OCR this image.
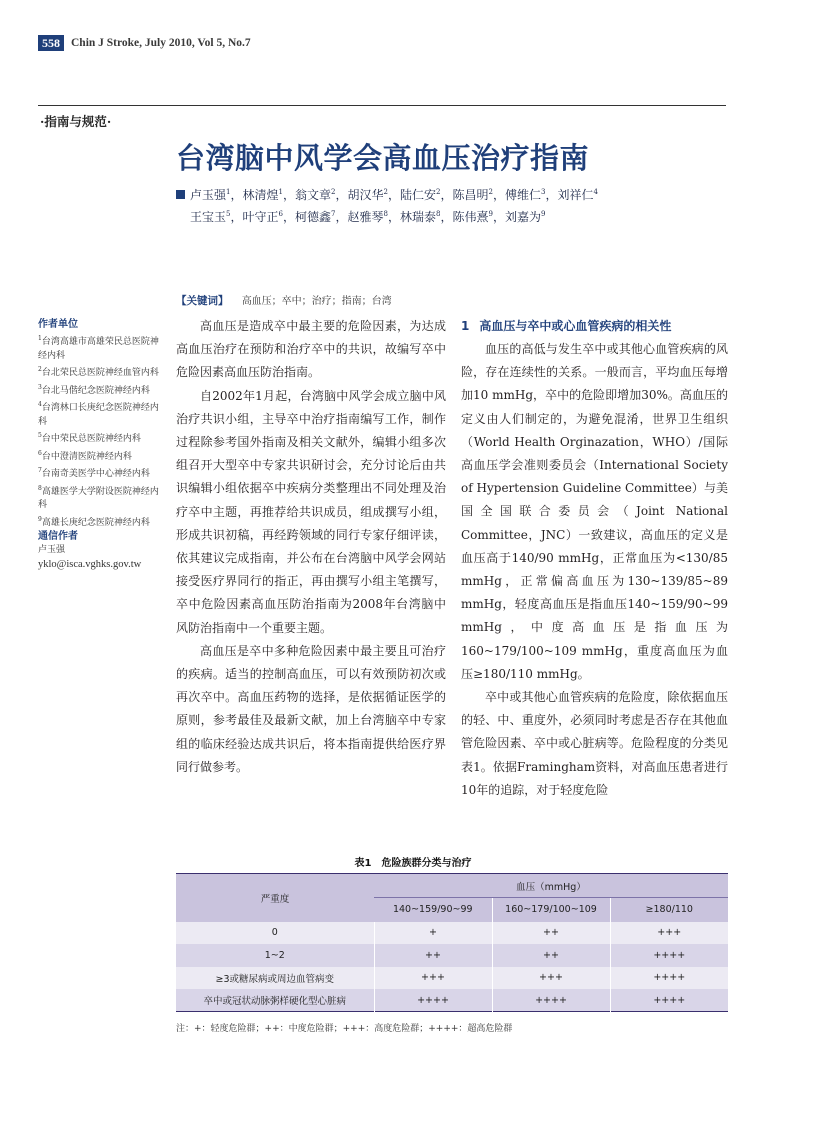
558 Chin J Stroke, July 2010, Vol 5, No.7
·指南与规范·
台湾脑中风学会高血压治疗指南
卢玉强$^1$，林清煌$^1$，翁文章$^2$，胡汉华$^2$，陆仁安$^2$，陈昌明$^2$，傅维仁$^3$，刘祥仁$^4$
王宝玉$^5$，叶守正$^6$，柯德鑫$^7$，赵雅琴$^8$，林瑞泰$^8$，陈伟熹$^9$，刘嘉为$^9$
【关键词】 高血压；卒中；治疗；指南；台湾
作者单位
$^1$台湾高雄市高雄荣民总医院神经内科
$^2$台北荣民总医院神经血管内科
$^3$台北马偕纪念医院神经内科
$^4$台湾林口长庚纪念医院神经内科
$^5$台中荣民总医院神经内科
$^6$台中澄清医院神经内科
$^7$台南奇美医学中心神经内科
$^8$高雄医学大学附设医院神经内科
$^9$高雄长庚纪念医院神经内科
通信作者
卢玉强
yklo@isca.vghks.gov.tw

高血压是造成卒中最主要的危险因素，为达成高血压治疗在预防和治疗卒中的共识，故编写卒中危险因素高血压防治指南。

自2002年1月起，台湾脑中风学会成立脑中风治疗共识小组，主导卒中治疗指南编写工作，制作过程除参考国外指南及相关文献外，编辑小组多次组召开大型卒中专家共识研讨会，充分讨论后由共识编辑小组依据卒中疾病分类整理出不同处理及治疗卒中主题，再推荐给共识成员，组成撰写小组，形成共识初稿，再经跨领域的同行专家仔细评读，依其建议完成指南，并公布在台湾脑中风学会网站接受医疗界同行的指正，再由撰写小组主笔撰写，卒中危险因素高血压防治指南为2008年台湾脑中风防治指南中一个重要主题。

高血压是卒中多种危险因素中最主要且可治疗的疾病。适当的控制高血压，可以有效预防初次或再次卒中。高血压药物的选择，是依据循证医学的原则，参考最佳及最新文献，加上台湾脑卒中专家组的临床经验达成共识后，将本指南提供给医疗界同行做参考。

1 高血压与卒中或心血管疾病的相关性

血压的高低与发生卒中或其他心血管疾病的风险，存在连续性的关系。一般而言，平均血压每增加10 mmHg，卒中的危险即增加30%。高血压的定义由人们制定的，为避免混淆，世界卫生组织（World Health Orginazation，WHO）/国际高血压学会准则委员会（International Society of Hypertension Guideline Committee）与美国全国联合委员会（Joint National Committee，JNC）一致建议，高血压的定义是血压高于140/90 mmHg，正常血压为<130/85 mmHg，正常偏高血压为130~139/85~89 mmHg，轻度高血压是指血压140~159/90~99 mmHg，中度高血压是指血压为160~179/100~109 mmHg，重度高血压为血压≥180/110 mmHg。

卒中或其他心血管疾病的危险度，除依据血压的轻、中、重度外，必须同时考虑是否存在其他血管危险因素、卒中或心脏病等。危险程度的分类见表1。依据Framingham资料，对高血压患者进行10年的追踪，对于轻度危险

表1 危险族群分类与治疗
严重度	血压（mmHg）		
	140~159/90~99	160~179/100~109	≥180/110
0	+	++	+++
1~2	++	++	++++
≥3或糖尿病或周边血管病变	+++	+++	++++
卒中或冠状动脉粥样硬化型心脏病	++++	++++	++++
注：+：轻度危险群；++：中度危险群；+++：高度危险群；++++：超高危险群
